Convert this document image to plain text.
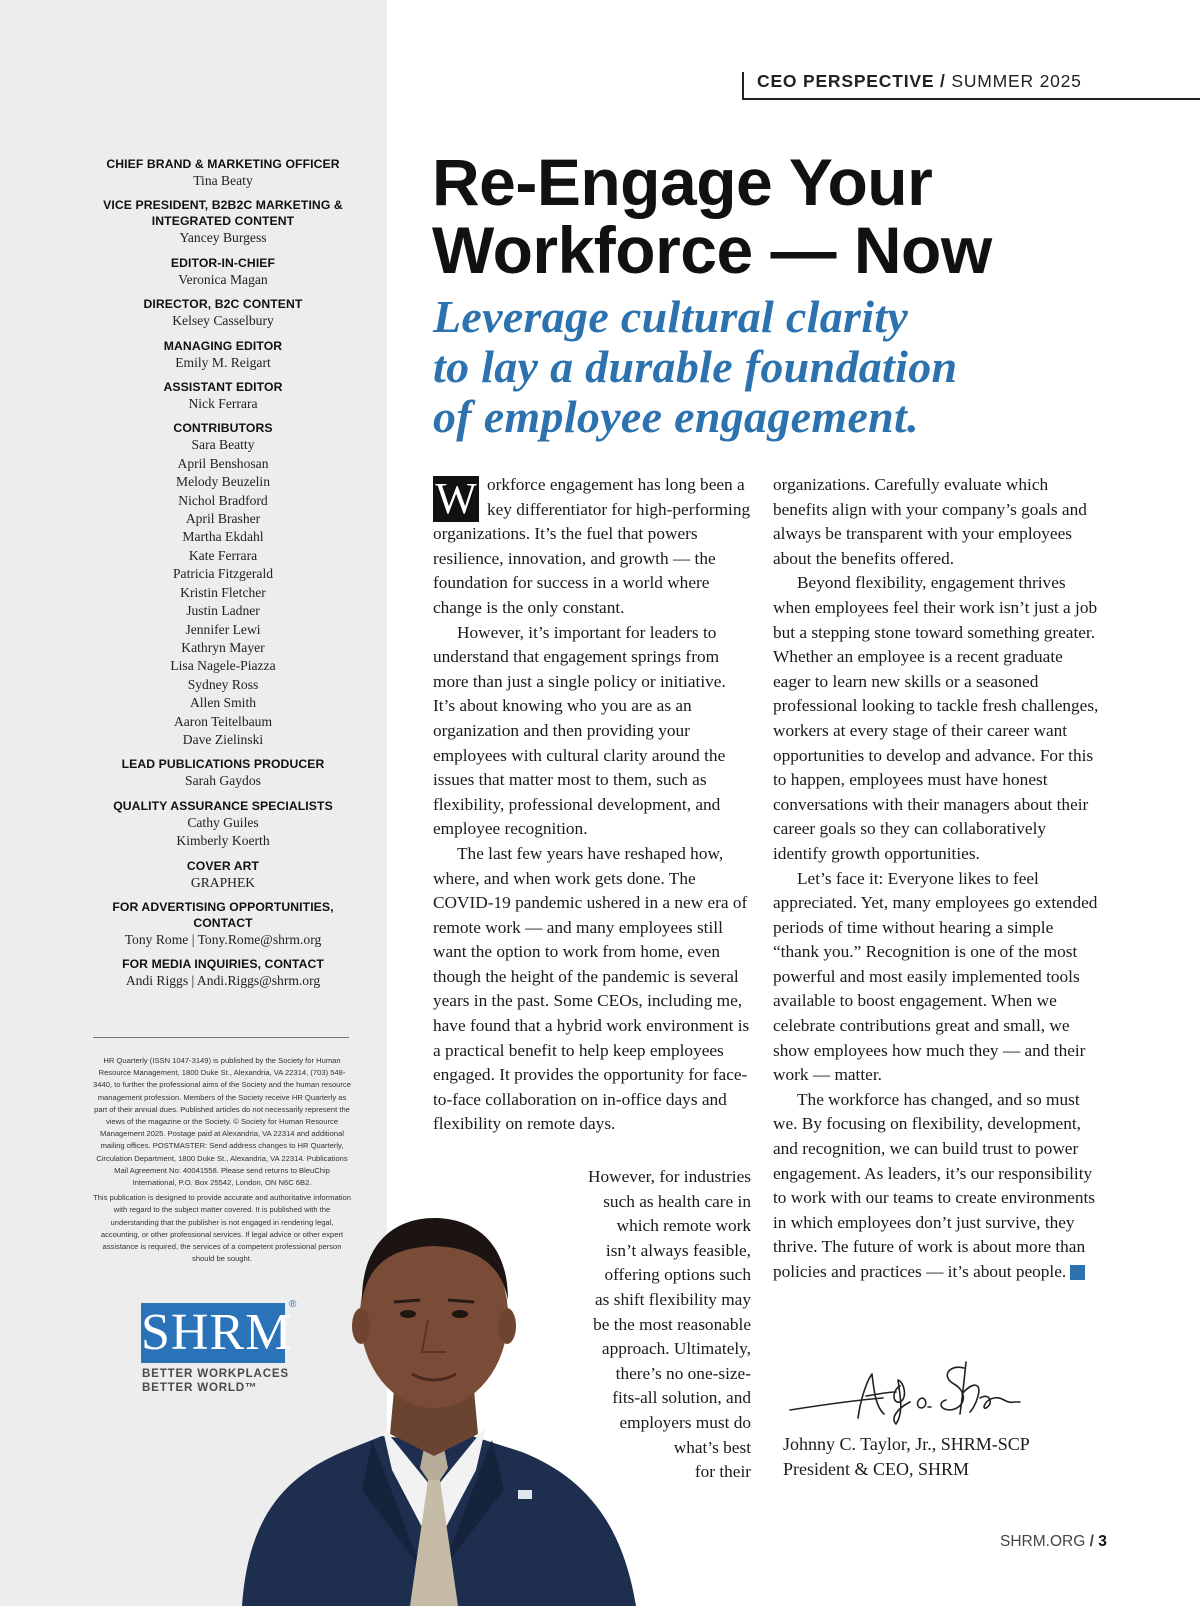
CHIEF BRAND & MARKETING OFFICER
Tina Beaty
VICE PRESIDENT, B2B2C MARKETING & INTEGRATED CONTENT
Yancey Burgess
EDITOR-IN-CHIEF
Veronica Magan
DIRECTOR, B2C CONTENT
Kelsey Casselbury
MANAGING EDITOR
Emily M. Reigart
ASSISTANT EDITOR
Nick Ferrara
CONTRIBUTORS
Sara Beatty
April Benshosan
Melody Beuzelin
Nichol Bradford
April Brasher
Martha Ekdahl
Kate Ferrara
Patricia Fitzgerald
Kristin Fletcher
Justin Ladner
Jennifer Lewi
Kathryn Mayer
Lisa Nagele-Piazza
Sydney Ross
Allen Smith
Aaron Teitelbaum
Dave Zielinski
LEAD PUBLICATIONS PRODUCER
Sarah Gaydos
QUALITY ASSURANCE SPECIALISTS
Cathy Guiles
Kimberly Koerth
COVER ART
GRAPHEK
FOR ADVERTISING OPPORTUNITIES, CONTACT
Tony Rome | Tony.Rome@shrm.org
FOR MEDIA INQUIRIES, CONTACT
Andi Riggs | Andi.Riggs@shrm.org

HR Quarterly (ISSN 1047-3149) is published by the Society for Human Resource Management, 1800 Duke St., Alexandria, VA 22314, (703) 548-3440, to further the professional aims of the Society and the human resource management profession. Members of the Society receive HR Quarterly as part of their annual dues. Published articles do not necessarily represent the views of the magazine or the Society. © Society for Human Resource Management 2025. Postage paid at Alexandria, VA 22314 and additional mailing offices. POSTMASTER: Send address changes to HR Quarterly, Circulation Department, 1800 Duke St., Alexandria, VA 22314. Publications Mail Agreement No: 40041558. Please send returns to BleuChip International, P.O. Box 25542, London, ON N6C 6B2.

This publication is designed to provide accurate and authoritative information with regard to the subject matter covered. It is published with the understanding that the publisher is not engaged in rendering legal, accounting, or other professional services. If legal advice or other expert assistance is required, the services of a competent professional person should be sought.

SHRM
®
BETTER WORKPLACES
BETTER WORLD™
CEO PERSPECTIVE / SUMMER 2025
Re-Engage Your
Workforce — Now
Leverage cultural clarity
to lay a durable foundation
of employee engagement.
W orkforce engagement has long been a key differentiator for high-performing organizations. It’s the fuel that powers resilience, innovation, and growth — the foundation for success in a world where change is the only constant.

However, it’s important for leaders to understand that engagement springs from more than just a single policy or initiative. It’s about knowing who you are as an organization and then providing your employees with cultural clarity around the issues that matter most to them, such as flexibility, professional development, and employee recognition.

The last few years have reshaped how, where, and when work gets done. The COVID-19 pandemic ushered in a new era of remote work — and many employees still want the option to work from home, even though the height of the pandemic is several years in the past. Some CEOs, including me, have found that a hybrid work environment is a practical benefit to help keep employees engaged. It provides the opportunity for face-to-face collaboration on in-office days and flexibility on remote days.

However, for industries
such as health care in
which remote work
isn’t always feasible,
offering options such
as shift flexibility may
be the most reasonable
approach. Ultimately,
there’s no one-size-
fits-all solution, and
employers must do
what’s best
for their

organizations. Carefully evaluate which benefits align with your company’s goals and always be transparent with your employees about the benefits offered.

Beyond flexibility, engagement thrives when employees feel their work isn’t just a job but a stepping stone toward something greater. Whether an employee is a recent graduate eager to learn new skills or a seasoned professional looking to tackle fresh challenges, workers at every stage of their career want opportunities to develop and advance. For this to happen, employees must have honest conversations with their managers about their career goals so they can collaboratively identify growth opportunities.

Let’s face it: Everyone likes to feel appreciated. Yet, many employees go extended periods of time without hearing a simple “thank you.” Recognition is one of the most powerful and most easily implemented tools available to boost engagement. When we celebrate contributions great and small, we show employees how much they — and their work — matter.

The workforce has changed, and so must we. By focusing on flexibility, development, and recognition, we can build trust to power engagement. As leaders, it’s our responsibility to work with our teams to create environments in which employees don’t just survive, they thrive. The future of work is about more than policies and practices — it’s about people.	HR

Johnny C. Taylor, Jr., SHRM-SCP
President & CEO, SHRM
SHRM.ORG / 3
